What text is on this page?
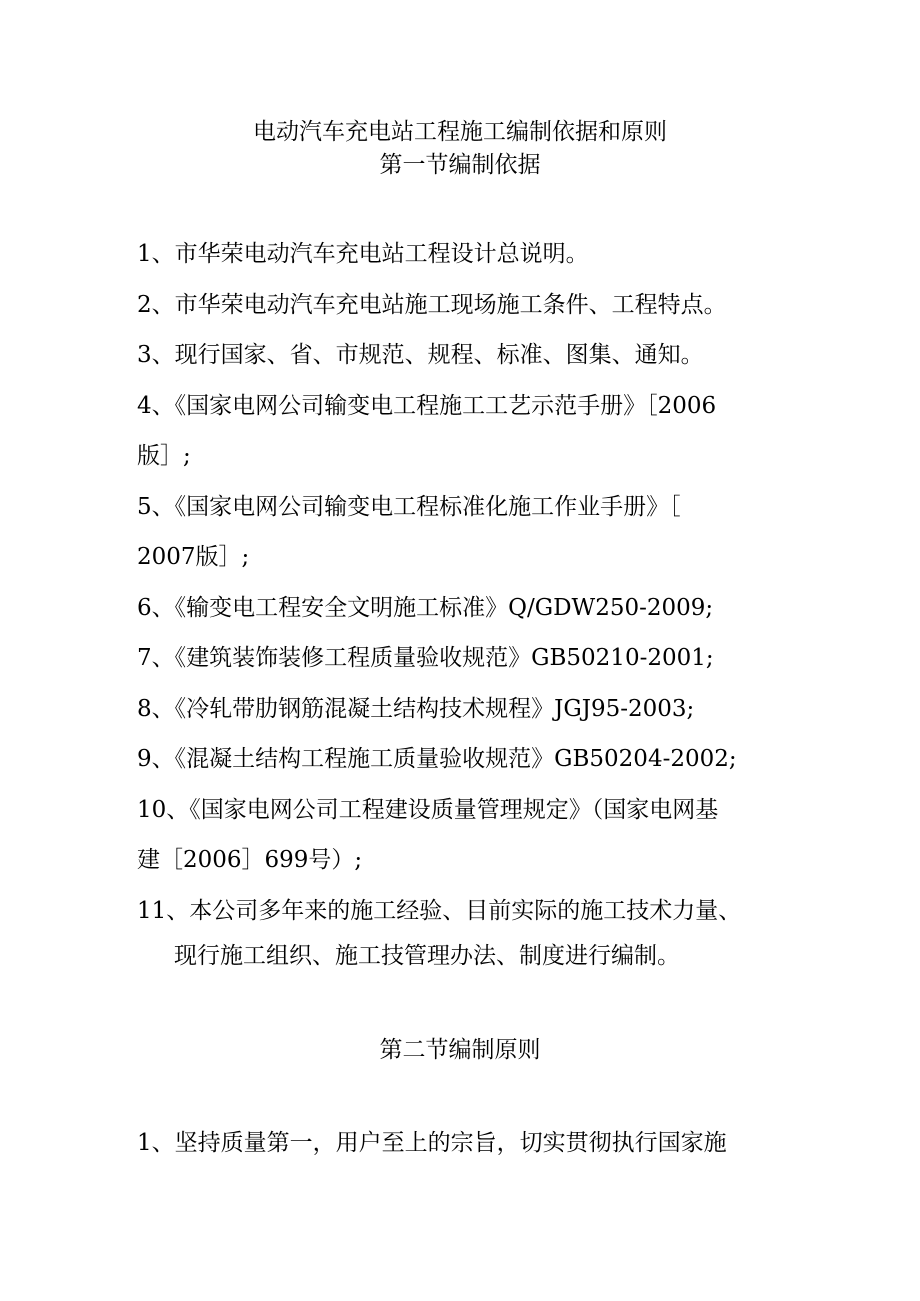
电动汽车充电站工程施工编制依据和原则
第一节编制依据
1、市华荣电动汽车充电站工程设计总说明。
2、市华荣电动汽车充电站施工现场施工条件、工程特点。
3、现行国家、省、市规范、规程、标准、图集、通知。
4、《国家电网公司输变电工程施工工艺示范手册》［2006
版］;
5、《国家电网公司输变电工程标准化施工作业手册》［
2007版］;
6、《输变电工程安全文明施工标准》Q/GDW250-2009;
7、《建筑装饰装修工程质量验收规范》GB50210-2001;
8、《冷轧带肋钢筋混凝土结构技术规程》JGJ95-2003;
9、《混凝土结构工程施工质量验收规范》GB50204-2002;
10、《国家电网公司工程建设质量管理规定》（国家电网基
建［2006］699号）;
11、本公司多年来的施工经验、目前实际的施工技术力量、
现行施工组织、施工技管理办法、制度进行编制。
第二节编制原则
1、坚持质量第一，用户至上的宗旨，切实贯彻执行国家施
